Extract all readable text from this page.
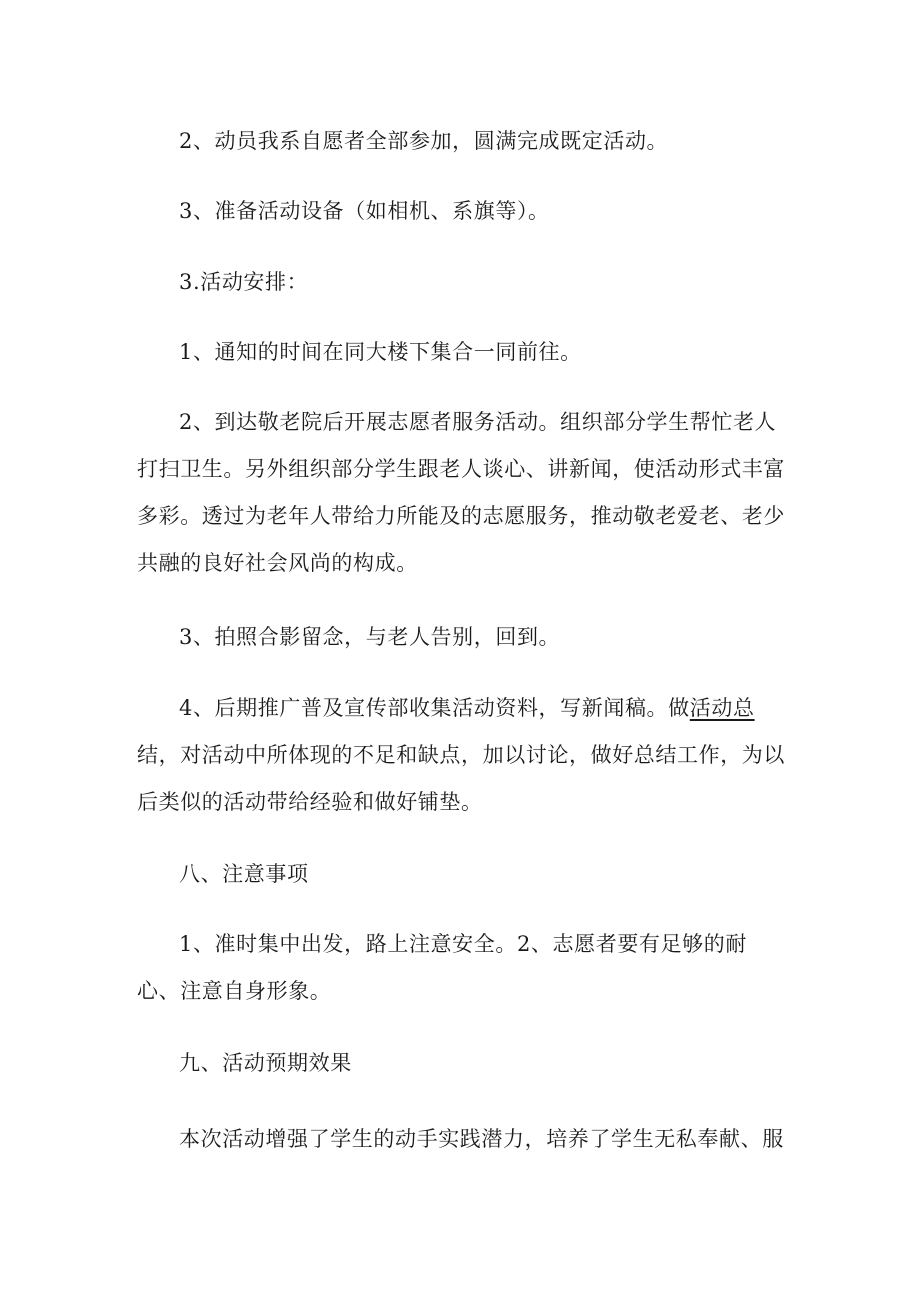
2、动员我系自愿者全部参加，圆满完成既定活动。

3、准备活动设备（如相机、系旗等）。

3.活动安排：

1、通知的时间在同大楼下集合一同前往。

2、到达敬老院后开展志愿者服务活动。组织部分学生帮忙老人打扫卫生。另外组织部分学生跟老人谈心、讲新闻，使活动形式丰富多彩。透过为老年人带给力所能及的志愿服务，推动敬老爱老、老少共融的良好社会风尚的构成。

3、拍照合影留念，与老人告别，回到。

4、后期推广普及宣传部收集活动资料，写新闻稿。做活动总结，对活动中所体现的不足和缺点，加以讨论，做好总结工作，为以后类似的活动带给经验和做好铺垫。

八、注意事项

1、准时集中出发，路上注意安全。2、志愿者要有足够的耐心、注意自身形象。

九、活动预期效果

本次活动增强了学生的动手实践潜力，培养了学生无私奉献、服
